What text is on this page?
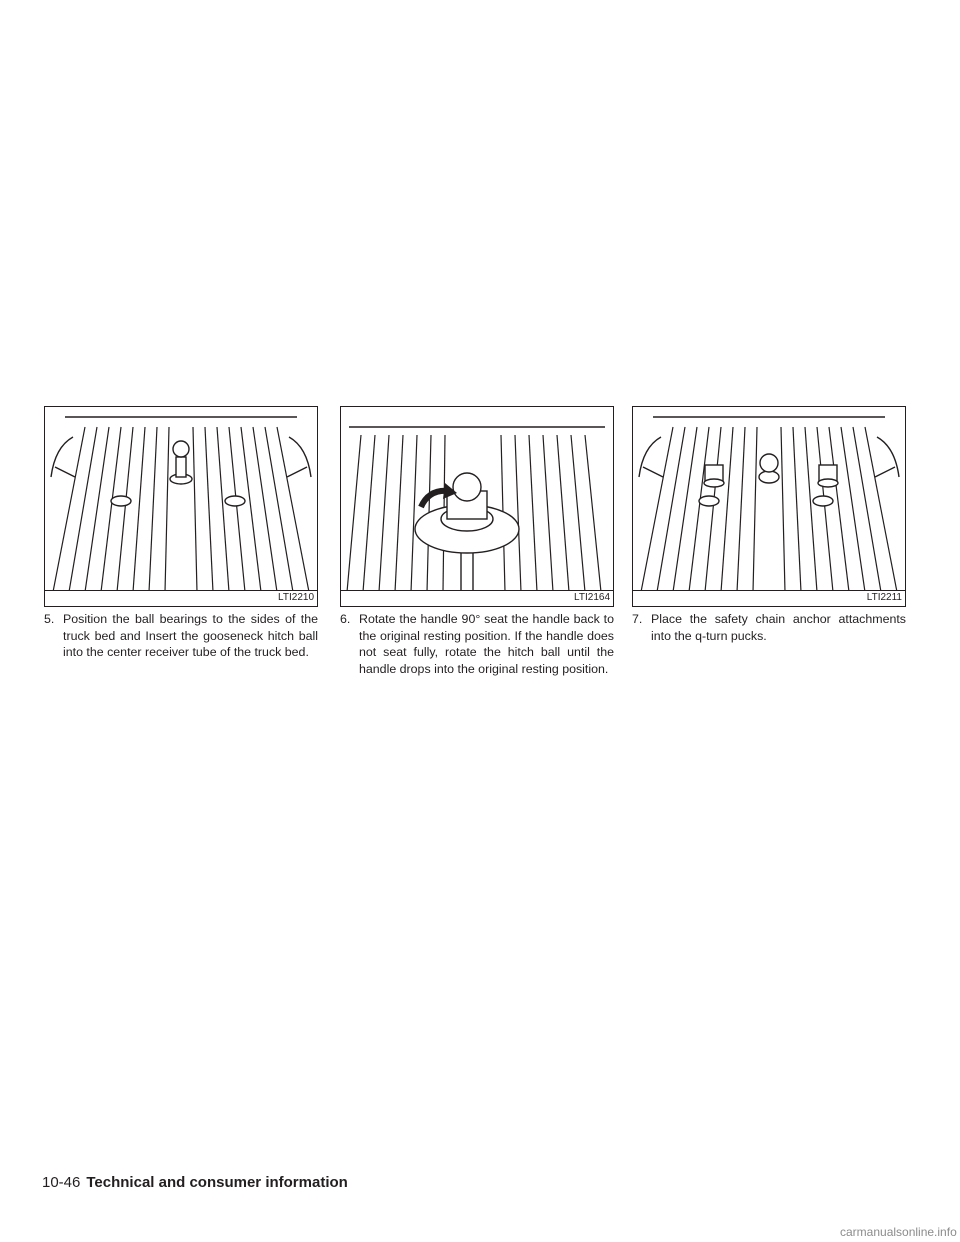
LTI2210	LTI2164	LTI2211

5. Position the ball bearings to the sides of the truck bed and Insert the gooseneck hitch ball into the center receiver tube of the truck bed.

6. Rotate the handle 90° seat the handle back to the original resting position. If the handle does not seat fully, rotate the hitch ball until the handle drops into the original resting position.

7. Place the safety chain anchor attachments into the q-turn pucks.

10-46 Technical and consumer information
carmanualsonline.info
